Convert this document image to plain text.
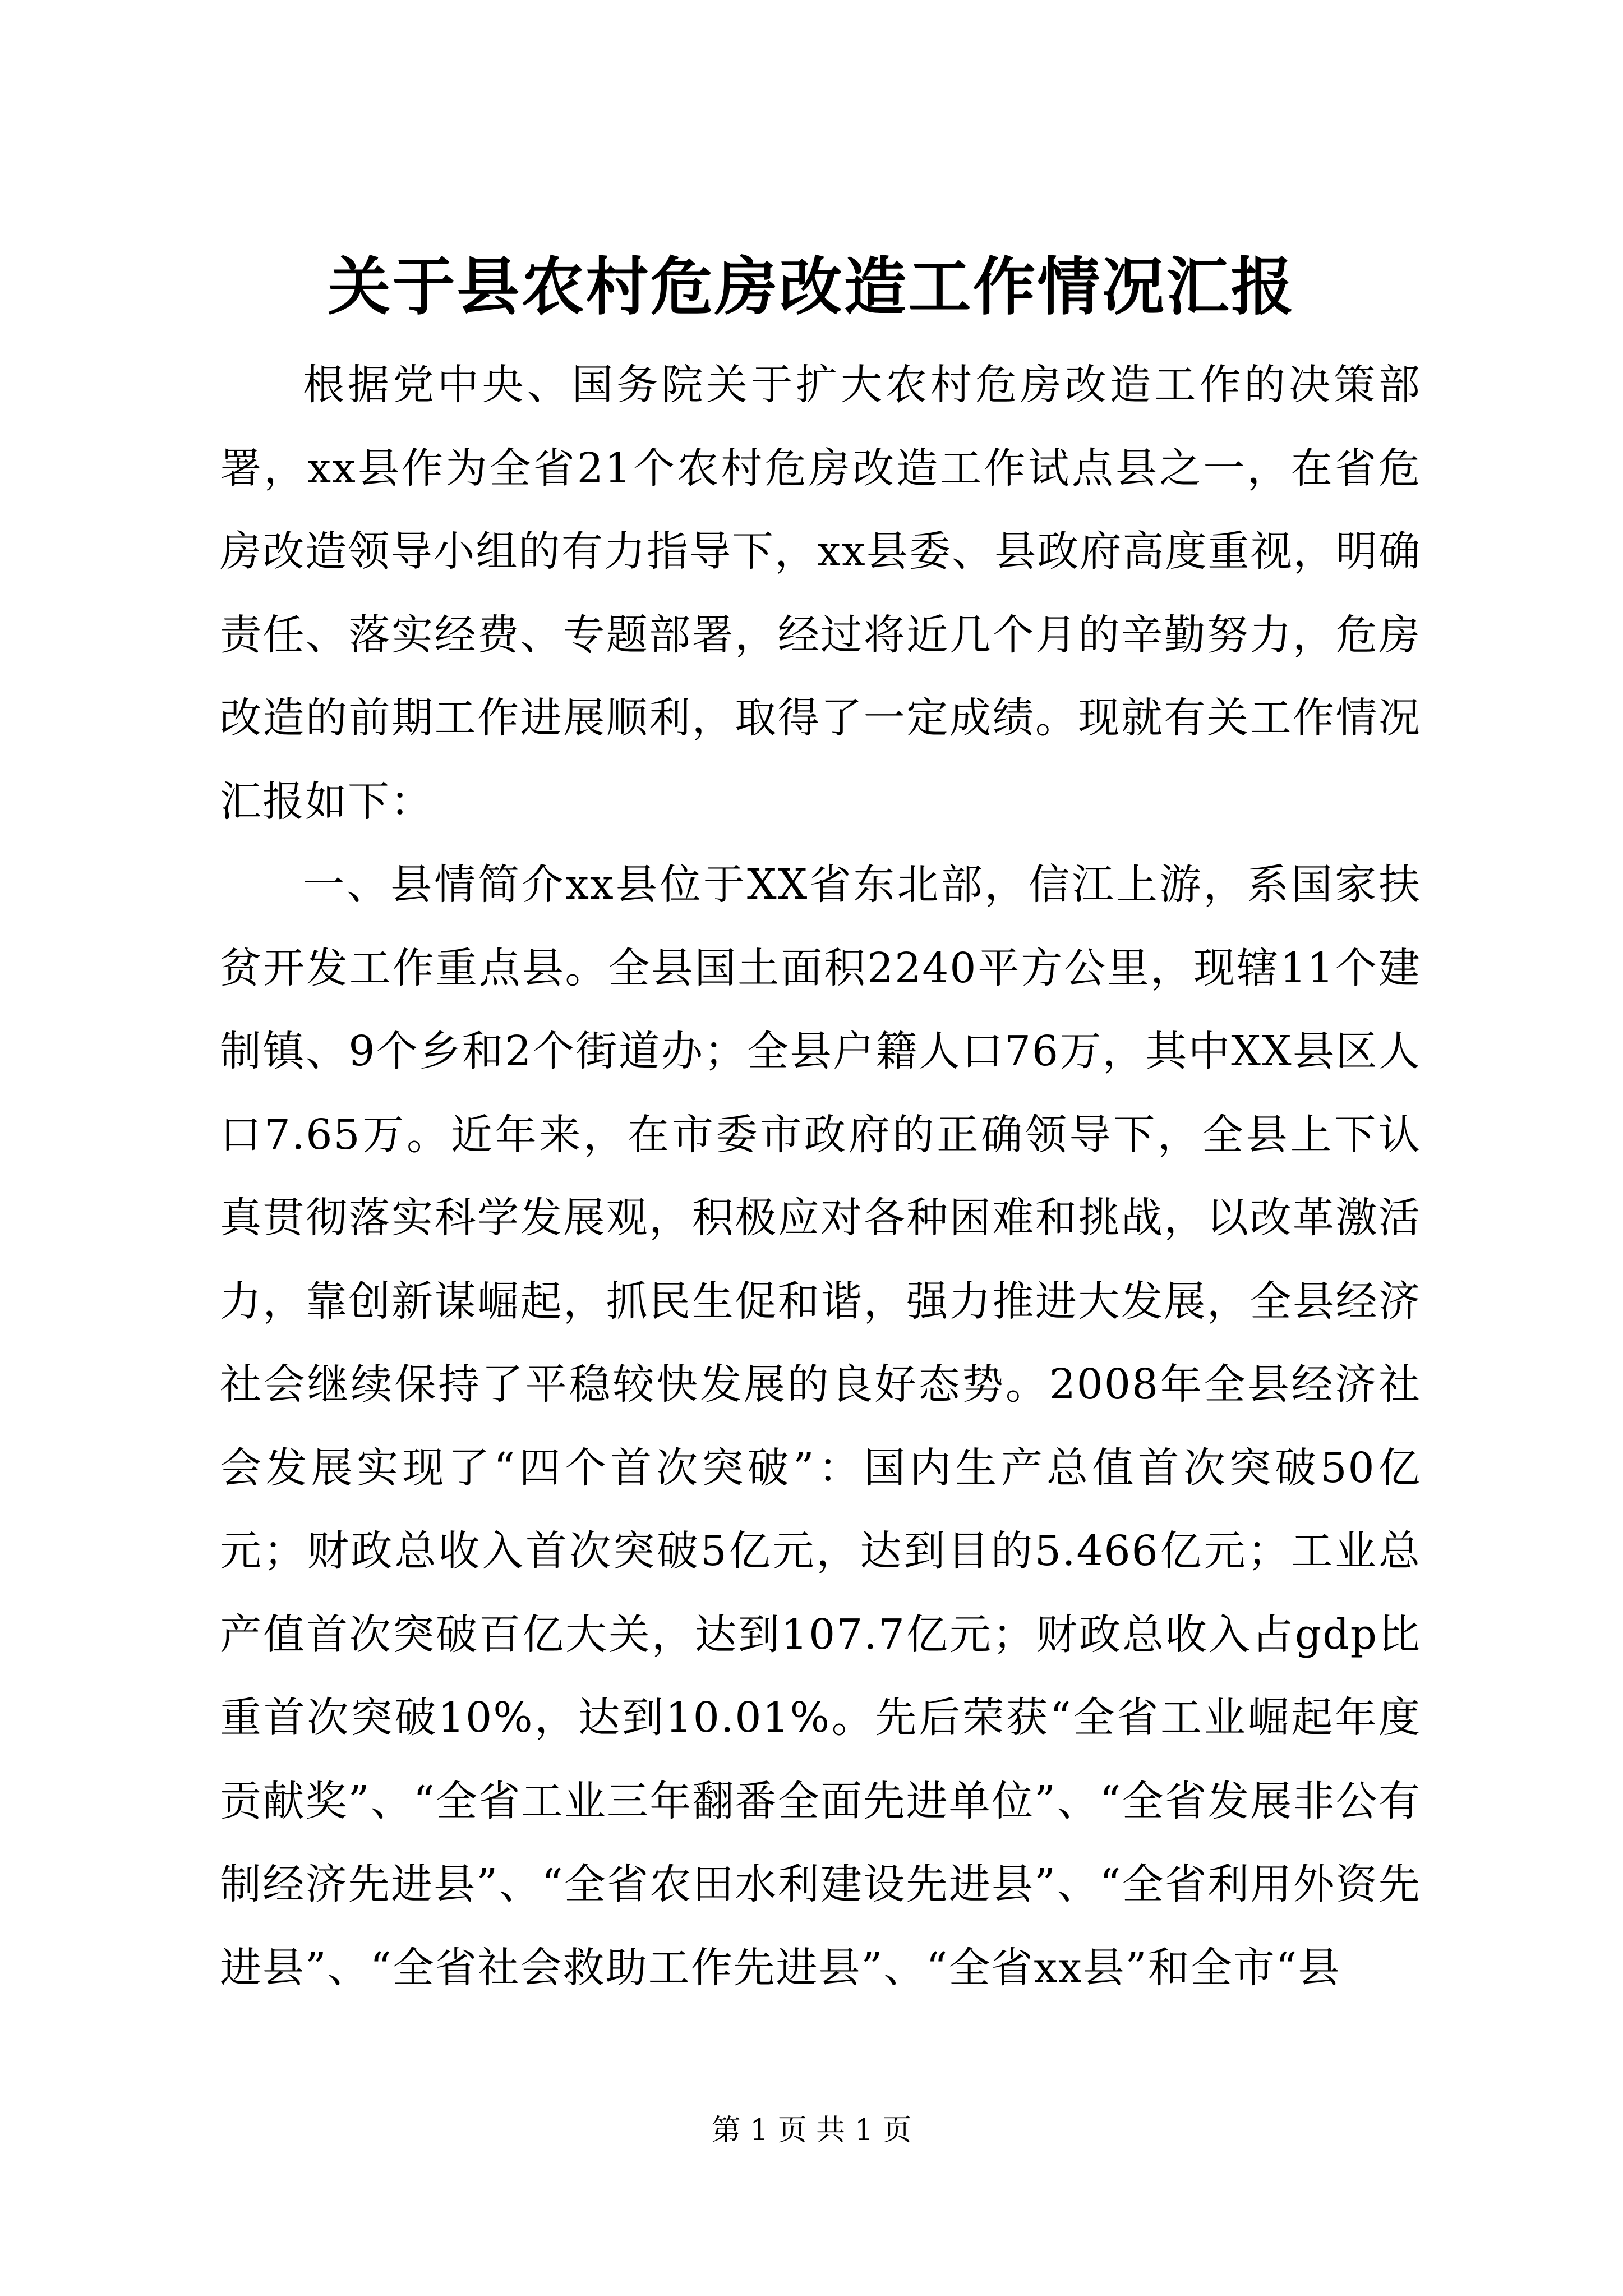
关于县农村危房改造工作情况汇报

根据党中央、国务院关于扩大农村危房改造工作的决策部署，xx县作为全省21个农村危房改造工作试点县之一，在省危房改造领导小组的有力指导下，xx县委、县政府高度重视，明确责任、落实经费、专题部署，经过将近几个月的辛勤努力，危房改造的前期工作进展顺利，取得了一定成绩。现就有关工作情况汇报如下：

一、县情简介xx县位于XX省东北部，信江上游，系国家扶贫开发工作重点县。全县国土面积2240平方公里，现辖11个建制镇、9个乡和2个街道办；全县户籍人口76万，其中XX县区人口7.65万。近年来，在市委市政府的正确领导下，全县上下认真贯彻落实科学发展观，积极应对各种困难和挑战，以改革激活力，靠创新谋崛起，抓民生促和谐，强力推进大发展，全县经济社会继续保持了平稳较快发展的良好态势。2008年全县经济社会发展实现了“四个首次突破”：国内生产总值首次突破50亿元；财政总收入首次突破5亿元，达到目的5.466亿元；工业总产值首次突破百亿大关，达到107.7亿元；财政总收入占gdp比重首次突破10%，达到10.01%。先后荣获“全省工业崛起年度贡献奖”、“全省工业三年翻番全面先进单位”、“全省发展非公有制经济先进县”、“全省农田水利建设先进县”、“全省利用外资先进县”、“全省社会救助工作先进县”、“全省xx县”和全市“县

第 1 页 共 1 页
